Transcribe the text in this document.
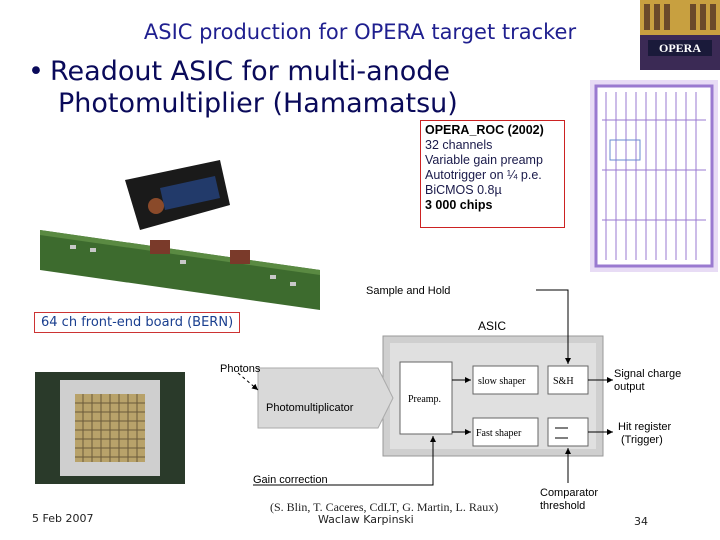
ASIC production for OPERA target tracker
OPERA
• Readout ASIC for multi-anode
Photomultiplier (Hamamatsu)
64 ch front-end board (BERN)
OPERA_ROC (2002)
32 channels
Variable gain preamp
Autotrigger on ¼ p.e.
BiCMOS 0.8µ
3 000 chips
Sample and Hold
ASIC
Photons
Photomultiplicator
Preamp.
slow shaper	S&H
Fast shaper
Signal charge
output
Hit register
(Trigger)
Gain correction
Comparator
threshold
5 Feb 2007
(S. Blin, T. Caceres, CdLT, G. Martin, L. Raux)
Waclaw Karpinski	34
